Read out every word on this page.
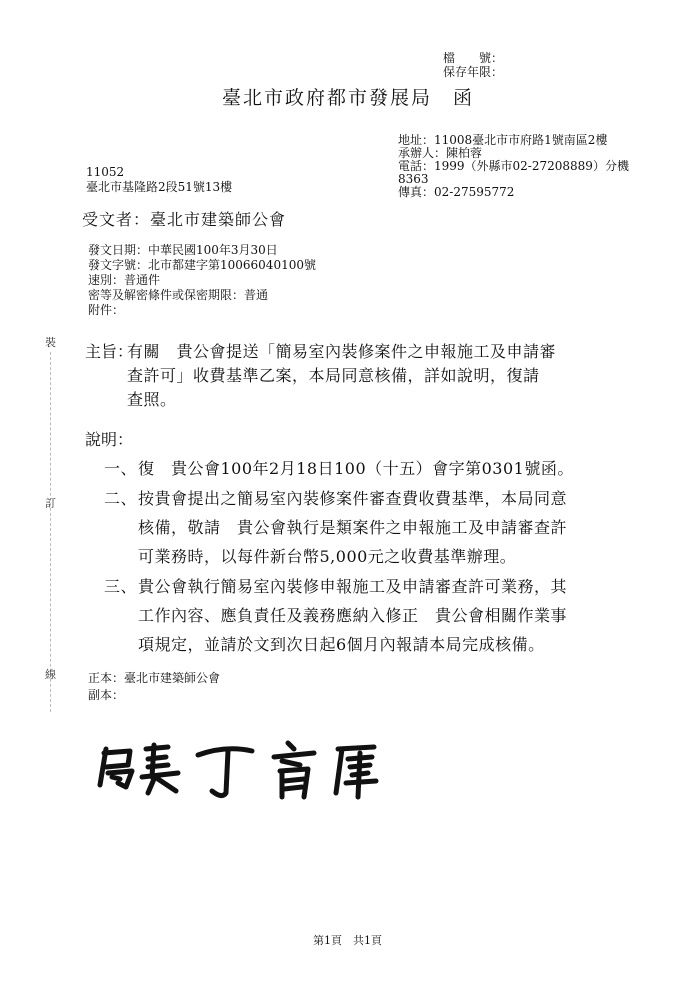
檔　　號：
保存年限：
臺北市政府都市發展局　函
地址：11008臺北市市府路1號南區2樓
承辦人：陳柏蓉
電話：1999（外縣市02-27208889）分機
8363
傳真：02-27595772
11052
臺北市基隆路2段51號13樓
受文者：臺北市建築師公會
發文日期：中華民國100年3月30日
發文字號：北市都建字第10066040100號
速別：普通件
密等及解密條件或保密期限：普通
附件：
裝
訂
線
主旨：
有關　貴公會提送「簡易室內裝修案件之申報施工及申請審
查許可」收費基準乙案，本局同意核備，詳如說明，復請
查照。
說明：
一、 復　貴公會100年2月18日100（十五）會字第0301號函。
二、 按貴會提出之簡易室內裝修案件審查費收費基準，本局同意
核備，敬請　貴公會執行是類案件之申報施工及申請審查許
可業務時，以每件新台幣5,000元之收費基準辦理。
三、 貴公會執行簡易室內裝修申報施工及申請審查許可業務，其
工作內容、應負責任及義務應納入修正　貴公會相關作業事
項規定，並請於文到次日起6個月內報請本局完成核備。
正本：臺北市建築師公會
副本：
第1頁　共1頁
